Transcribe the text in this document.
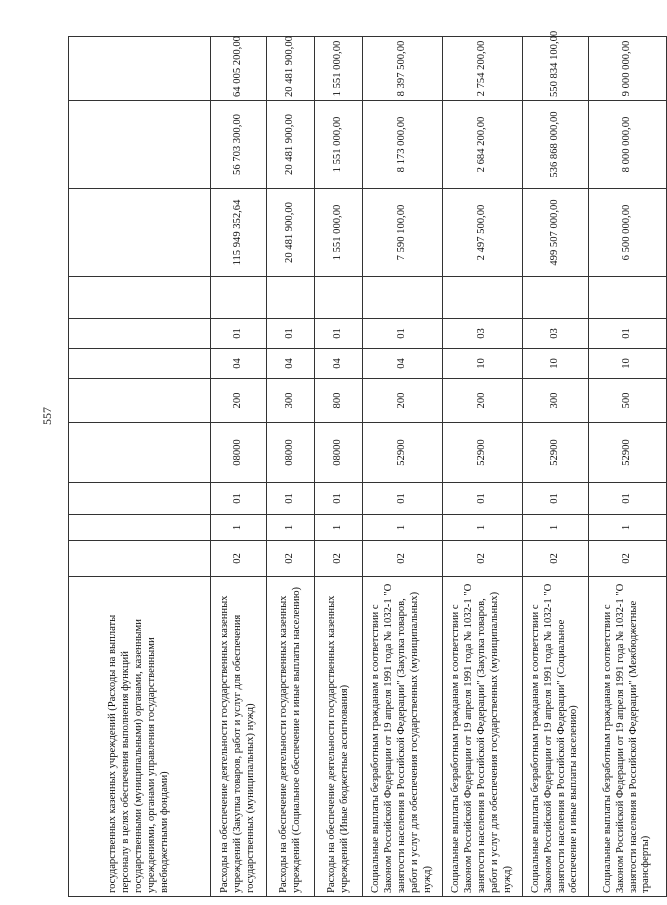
557
государственных казенных учреждений (Расходы на выплаты персоналу в целях обеспечения выполнения функций государственными (муниципальными) органами, казенными учреждениями, органами управления государственными внебюджетными фондами)											
Расходы на обеспечение деятельности государственных казенных учреждений (Закупка товаров, работ и услуг для обеспечения государственных (муниципальных) нужд)	02	1	01	08000	200	04	01		115 949 352,64	56 703 300,00	64 005 200,00
Расходы на обеспечение деятельности государственных казенных учреждений (Социальное обеспечение и иные выплаты населению)	02	1	01	08000	300	04	01		20 481 900,00	20 481 900,00	20 481 900,00
Расходы на обеспечение деятельности государственных казенных учреждений (Иные бюджетные ассигнования)	02	1	01	08000	800	04	01		1 551 000,00	1 551 000,00	1 551 000,00
Социальные выплаты безработным гражданам в соответствии с Законом Российской Федерации от 19 апреля 1991 года № 1032-1 "О занятости населения в Российской Федерации" (Закупка товаров, работ и услуг для обеспечения государственных (муниципальных) нужд)	02	1	01	52900	200	04	01		7 590 100,00	8 173 000,00	8 397 500,00
Социальные выплаты безработным гражданам в соответствии с Законом Российской Федерации от 19 апреля 1991 года № 1032-1 "О занятости населения в Российской Федерации" (Закупка товаров, работ и услуг для обеспечения государственных (муниципальных) нужд)	02	1	01	52900	200	10	03		2 497 500,00	2 684 200,00	2 754 200,00
Социальные выплаты безработным гражданам в соответствии с Законом Российской Федерации от 19 апреля 1991 года № 1032-1 "О занятости населения в Российской Федерации" (Социальное обеспечение и иные выплаты населению)	02	1	01	52900	300	10	03		499 507 000,00	536 868 000,00	550 834 100,00
Социальные выплаты безработным гражданам в соответствии с Законом Российской Федерации от 19 апреля 1991 года № 1032-1 "О занятости населения в Российской Федерации" (Межбюджетные трансферты)	02	1	01	52900	500	10	01		6 500 000,00	8 000 000,00	9 000 000,00
